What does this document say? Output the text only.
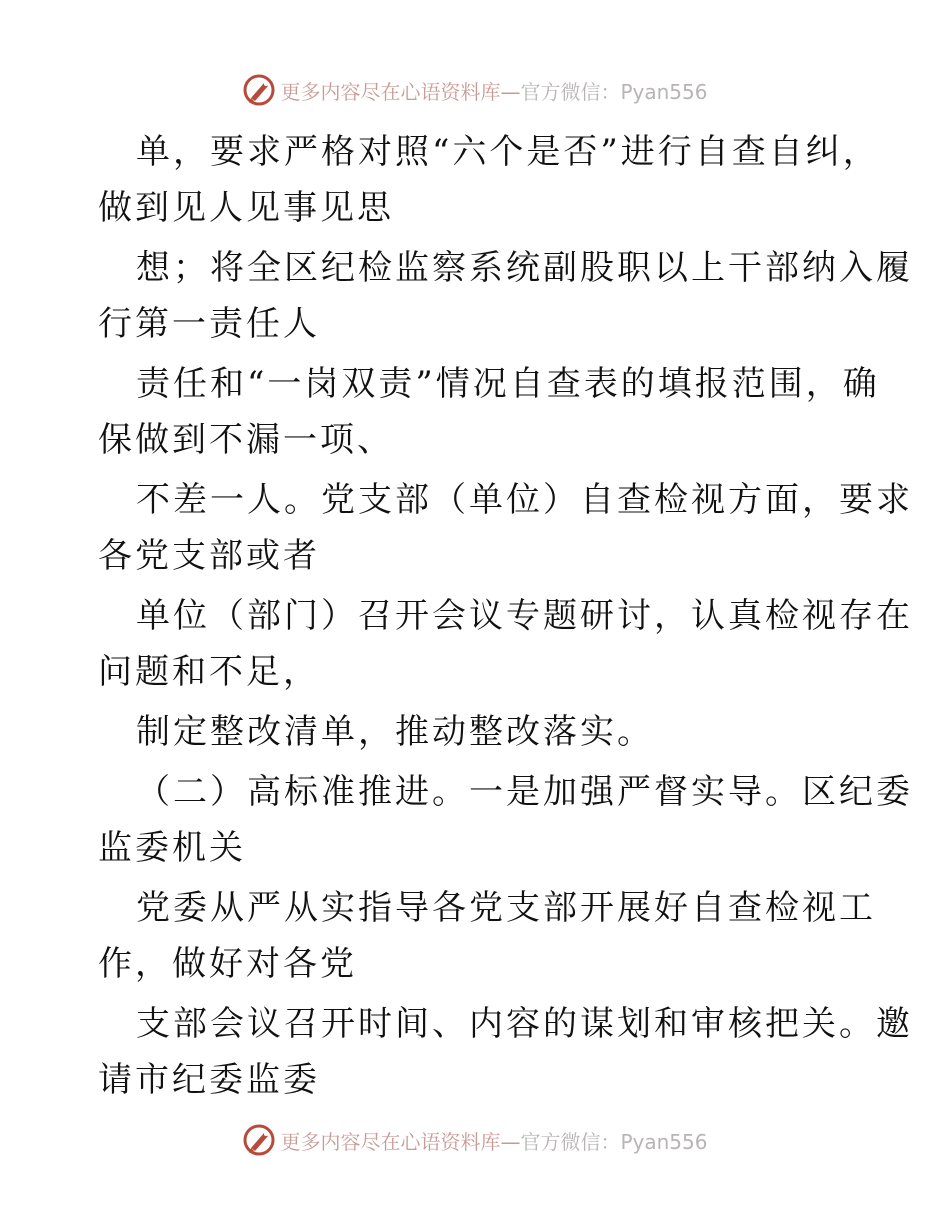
更多内容尽在心语资料库—官方微信：Pyan556

单，要求严格对照“六个是否”进行自查自纠，
做到见人见事见思

想；将全区纪检监察系统副股职以上干部纳入履
行第一责任人

责任和“一岗双责”情况自查表的填报范围，确
保做到不漏一项、

不差一人。党支部（单位）自查检视方面，要求
各党支部或者

单位（部门）召开会议专题研讨，认真检视存在
问题和不足，

制定整改清单，推动整改落实。

（二）高标准推进。一是加强严督实导。区纪委
监委机关

党委从严从实指导各党支部开展好自查检视工
作，做好对各党

支部会议召开时间、内容的谋划和审核把关。邀
请市纪委监委

更多内容尽在心语资料库—官方微信：Pyan556
